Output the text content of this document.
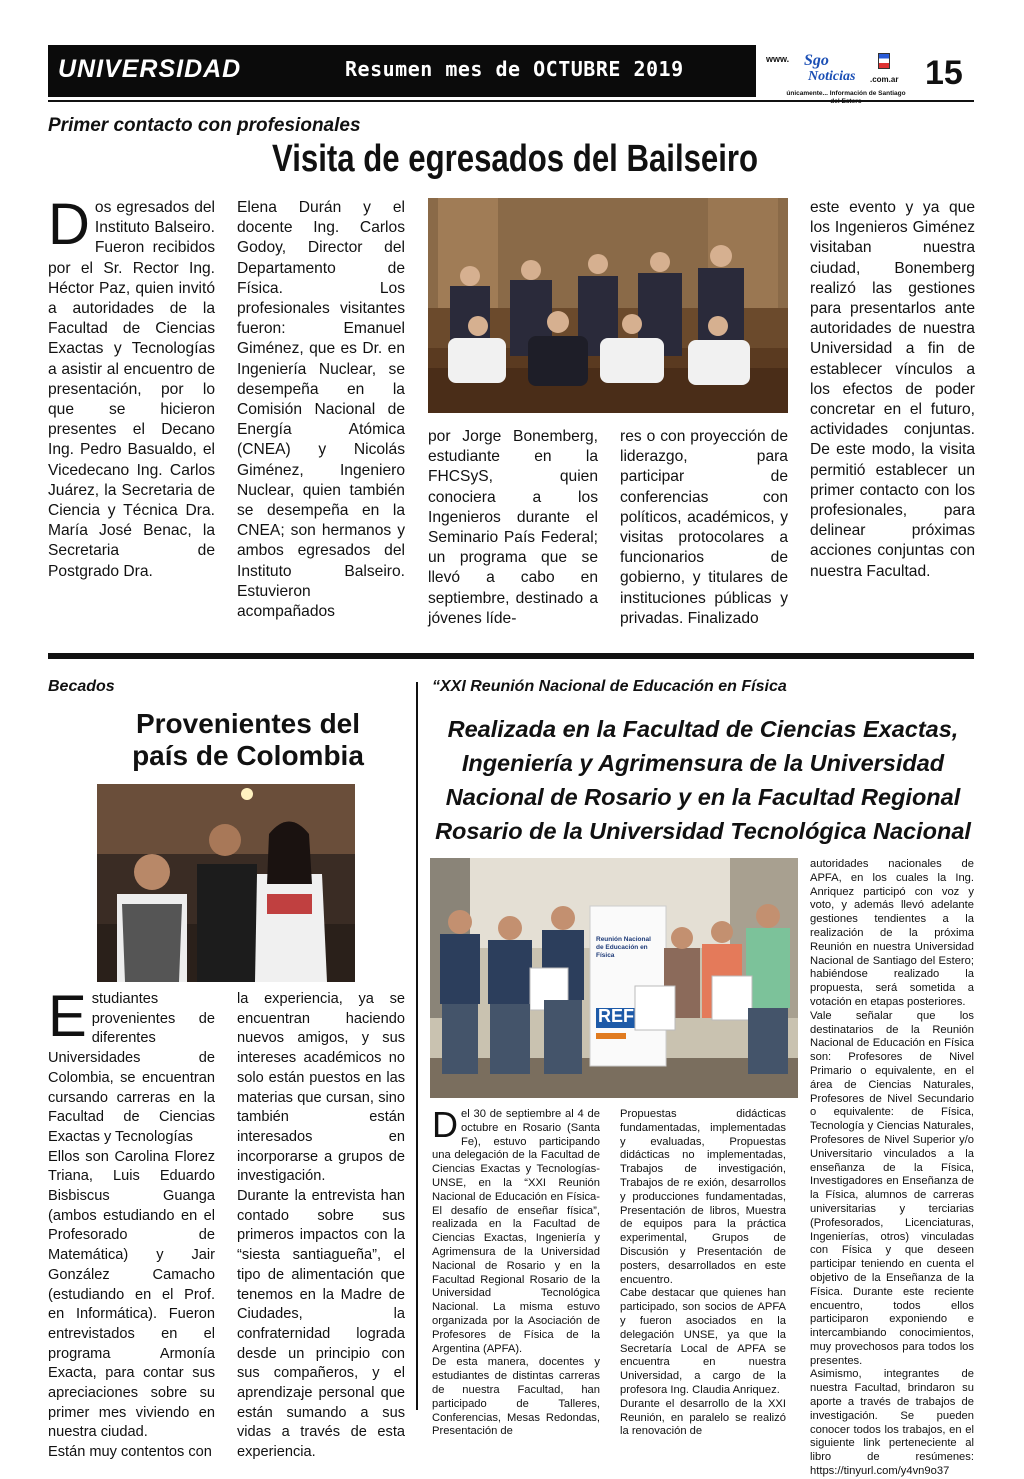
UNIVERSIDAD	Resumen mes de OCTUBRE 2019	www. Sgo
Noticias .com.ar
únicamente... Información de Santiago
15
Primer contacto con profesionales
Visita de egresados del Bailseiro
Dos egresados del Instituto Balseiro. Fueron recibidos por el Sr. Rector Ing. Héctor Paz, quien invitó a autoridades de la Facultad de Ciencias Exactas y Tecnologías a asistir al encuentro de presentación, por lo que se hicieron presentes el Decano Ing. Pedro Basualdo, el Vicedecano Ing. Carlos Juárez, la Secretaria de Ciencia y Técnica Dra. María José Benac, la Secretaria de Postgrado Dra.
Elena Durán y el docente Ing. Carlos Godoy, Director del Departamento de Física. Los profesionales visitantes fueron: Emanuel Giménez, que es Dr. en Ingeniería Nuclear, se desempeña en la Comisión Nacional de Energía Atómica (CNEA) y Nicolás Giménez, Ingeniero Nuclear, quien también se desempeña en la CNEA; son hermanos y ambos egresados del Instituto Balseiro. Estuvieron acompañados
por Jorge Bonemberg, estudiante en la FHCSyS, quien conociera a los Ingenieros durante el Seminario País Federal; un programa que se llevó a cabo en septiembre, destinado a jóvenes líde-
res o con proyección de liderazgo, para participar de conferencias con políticos, académicos, y visitas protocolares a funcionarios de gobierno, y titulares de instituciones públicas y privadas. Finalizado
este evento y ya que los Ingenieros Giménez visitaban nuestra ciudad, Bonemberg realizó las gestiones para presentarlos ante autoridades de nuestra Universidad a fin de establecer vínculos a los efectos de poder concretar en el futuro, actividades conjuntas. De este modo, la visita permitió establecer un primer contacto con los profesionales, para delinear próximas acciones conjuntas con nuestra Facultad.
Becados
Provenientes del
país de Colombia
Estudiantes provenientes de diferentes Universidades de Colombia, se encuentran cursando carreras en la Facultad de Ciencias Exactas y Tecnologías

Ellos son Carolina Florez Triana, Luis Eduardo Bisbiscus Guanga (ambos estudiando en el Profesorado de Matemática) y Jair González Camacho (estudiando en el Prof. en Informática). Fueron entrevistados en el programa Armonía Exacta, para contar sus apreciaciones sobre su primer mes viviendo en nuestra ciudad.

Están muy contentos con

la experiencia, ya se encuentran haciendo nuevos amigos, y sus intereses académicos no solo están puestos en las materias que cursan, sino también están interesados en incorporarse a grupos de investigación.

Durante la entrevista han contado sobre sus primeros impactos con la “siesta santiagueña”, el tipo de alimentación que tenemos en la Madre de Ciudades, la confraternidad lograda desde un principio con sus compañeros, y el aprendizaje personal que están sumando a sus vidas a través de esta experiencia.

“XXI Reunión Nacional de Educación en Física
Realizada en la Facultad de Ciencias Exactas,
Ingeniería y Agrimensura de la Universidad
Nacional de Rosario y en la Facultad Regional
Rosario de la Universidad Tecnológica Nacional
Reunión Nacional de Educación en Física
REF
Del 30 de septiembre al 4 de octubre en Rosario (Santa Fe), estuvo participando una delegación de la Facultad de Ciencias Exactas y Tecnologías-UNSE, en la “XXI Reunión Nacional de Educación en Física- El desafío de enseñar física”, realizada en la Facultad de Ciencias Exactas, Ingeniería y Agrimensura de la Universidad Nacional de Rosario y en la Facultad Regional Rosario de la Universidad Tecnológica Nacional. La misma estuvo organizada por la Asociación de Profesores de Física de la Argentina (APFA).

De esta manera, docentes y estudiantes de distintas carreras de nuestra Facultad, han participado de Talleres, Conferencias, Mesas Redondas, Presentación de

Propuestas didácticas fundamentadas, implementadas y evaluadas, Propuestas didácticas no implementadas, Trabajos de investigación, Trabajos de re exión, desarrollos y producciones fundamentadas, Presentación de libros, Muestra de equipos para la práctica experimental, Grupos de Discusión y Presentación de posters, desarrollados en este encuentro.

Cabe destacar que quienes han participado, son socios de APFA y fueron asociados en la delegación UNSE, ya que la Secretaría Local de APFA se encuentra en nuestra Universidad, a cargo de la profesora Ing. Claudia Anriquez.

Durante el desarrollo de la XXI Reunión, en paralelo se realizó la renovación de

autoridades nacionales de APFA, en los cuales la Ing. Anriquez participó con voz y voto, y además llevó adelante gestiones tendientes a la realización de la próxima Reunión en nuestra Universidad Nacional de Santiago del Estero; habiéndose realizado la propuesta, será sometida a votación en etapas posteriores.

Vale señalar que los destinatarios de la Reunión Nacional de Educación en Física son: Profesores de Nivel Primario o equivalente, en el área de Ciencias Naturales, Profesores de Nivel Secundario o equivalente: de Física, Tecnología y Ciencias Naturales, Profesores de Nivel Superior y/o Universitario vinculados a la enseñanza de la Física, Investigadores en Enseñanza de la Física, alumnos de carreras universitarias y terciarias (Profesorados, Licenciaturas, Ingenierías, otros) vinculadas con Física y que deseen participar teniendo en cuenta el objetivo de la Enseñanza de la Física. Durante este reciente encuentro, todos ellos participaron exponiendo e intercambiando conocimientos, muy provechosos para todos los presentes.

Asimismo, integrantes de nuestra Facultad, brindaron su aporte a través de trabajos de investigación. Se pueden conocer todos los trabajos, en el siguiente link perteneciente al libro de resúmenes: https://tinyurl.com/y4vn9o37
